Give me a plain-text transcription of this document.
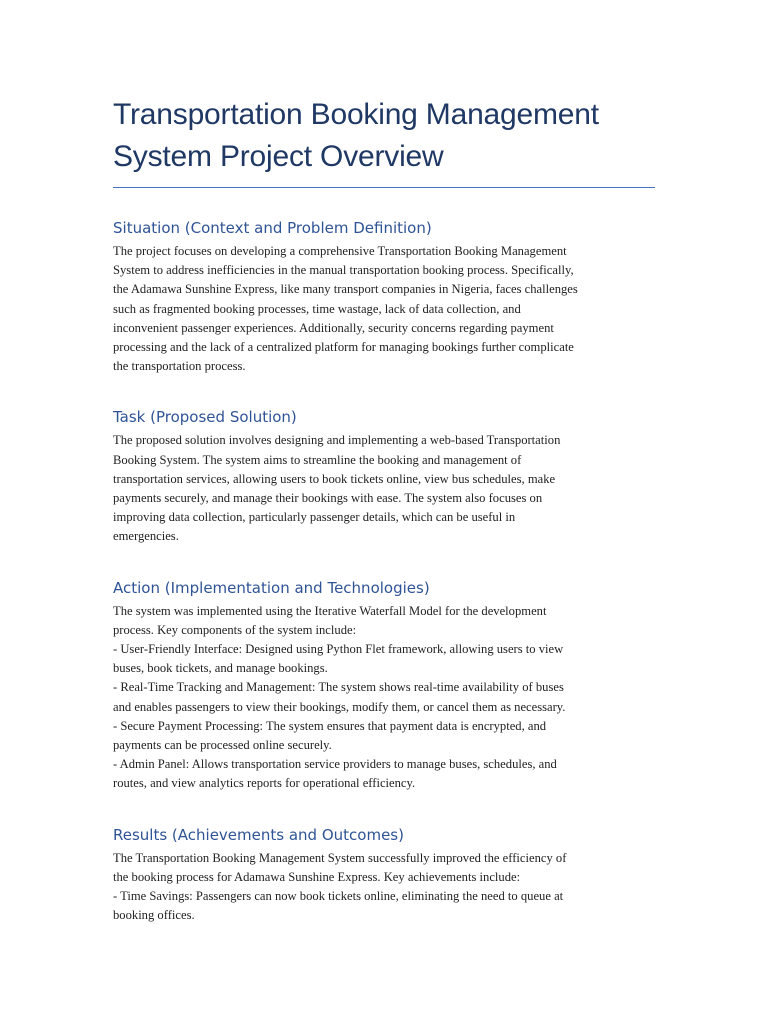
Transportation Booking Management
System Project Overview
Situation (Context and Problem Definition)

The project focuses on developing a comprehensive Transportation Booking Management
System to address inefficiencies in the manual transportation booking process. Specifically,
the Adamawa Sunshine Express, like many transport companies in Nigeria, faces challenges
such as fragmented booking processes, time wastage, lack of data collection, and
inconvenient passenger experiences. Additionally, security concerns regarding payment
processing and the lack of a centralized platform for managing bookings further complicate
the transportation process.

Task (Proposed Solution)

The proposed solution involves designing and implementing a web-based Transportation
Booking System. The system aims to streamline the booking and management of
transportation services, allowing users to book tickets online, view bus schedules, make
payments securely, and manage their bookings with ease. The system also focuses on
improving data collection, particularly passenger details, which can be useful in
emergencies.

Action (Implementation and Technologies)

The system was implemented using the Iterative Waterfall Model for the development
process. Key components of the system include:
- User-Friendly Interface: Designed using Python Flet framework, allowing users to view
buses, book tickets, and manage bookings.
- Real-Time Tracking and Management: The system shows real-time availability of buses
and enables passengers to view their bookings, modify them, or cancel them as necessary.
- Secure Payment Processing: The system ensures that payment data is encrypted, and
payments can be processed online securely.
- Admin Panel: Allows transportation service providers to manage buses, schedules, and
routes, and view analytics reports for operational efficiency.

Results (Achievements and Outcomes)

The Transportation Booking Management System successfully improved the efficiency of
the booking process for Adamawa Sunshine Express. Key achievements include:
- Time Savings: Passengers can now book tickets online, eliminating the need to queue at
booking offices.
